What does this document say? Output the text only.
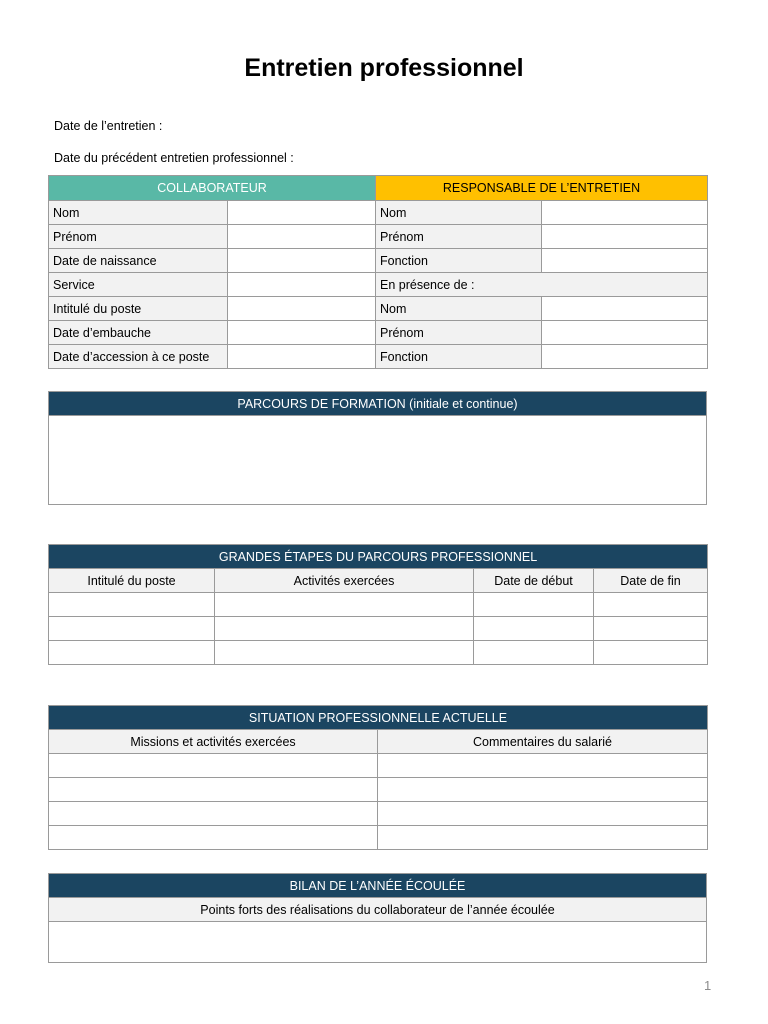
Entretien professionnel
Date de l’entretien :
Date du précédent entretien professionnel :
COLLABORATEUR		RESPONSABLE DE L’ENTRETIEN	
Nom		Nom	
Prénom		Prénom	
Date de naissance		Fonction	
Service		En présence de :	
Intitulé du poste		Nom	
Date d’embauche		Prénom	
Date d’accession à ce poste		Fonction	
PARCOURS DE FORMATION (initiale et continue)

GRANDES ÉTAPES DU PARCOURS PROFESSIONNEL			
Intitulé du poste	Activités exercées	Date de début	Date de fin

SITUATION PROFESSIONNELLE ACTUELLE	
Missions et activités exercées	Commentaires du salarié

BILAN DE L’ANNÉE ÉCOULÉE
Points forts des réalisations du collaborateur de l’année écoulée

1
